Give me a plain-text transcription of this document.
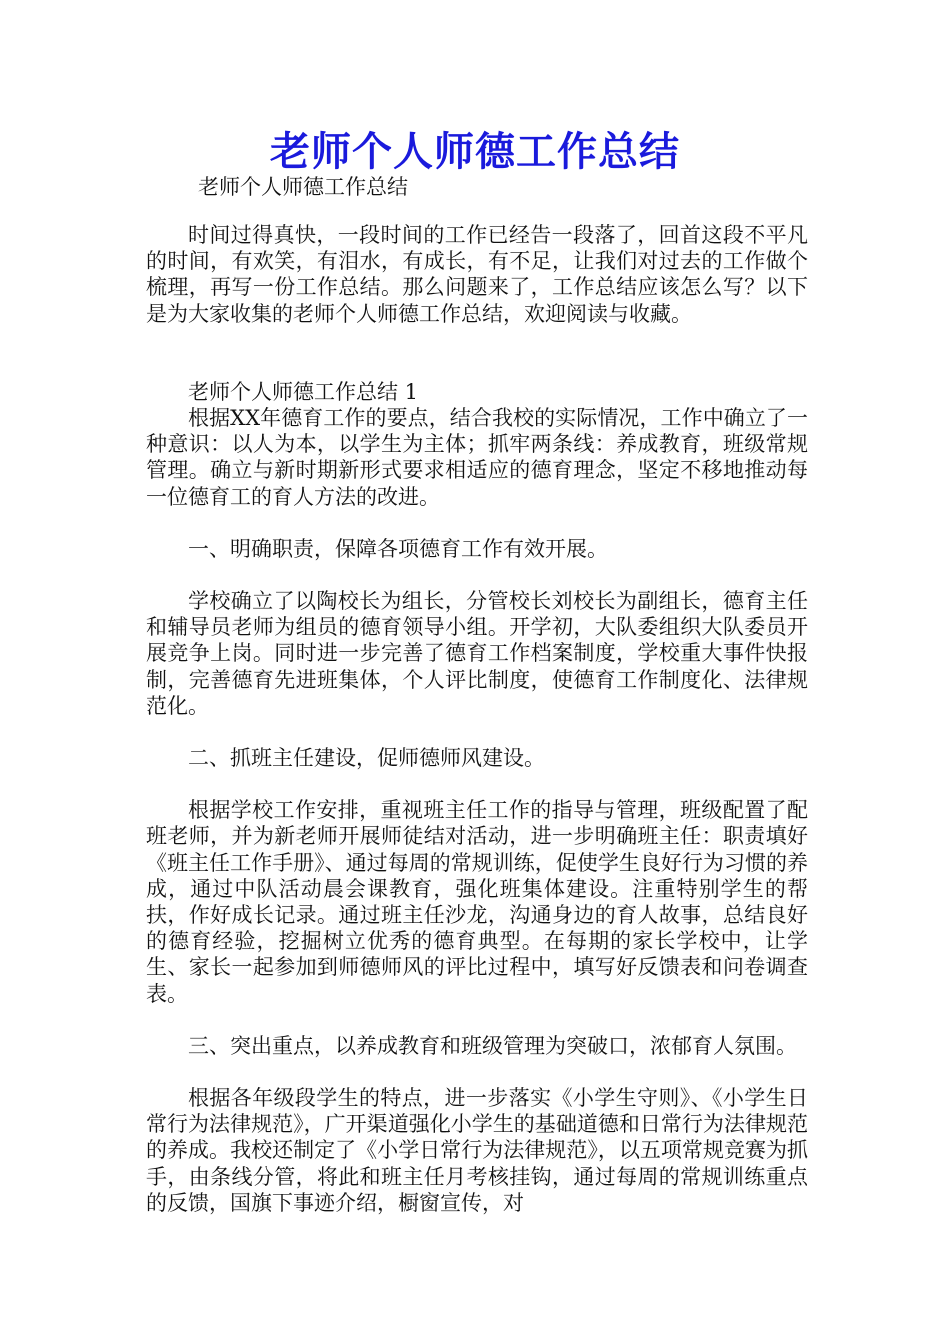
老师个人师德工作总结

老师个人师德工作总结

时间过得真快，一段时间的工作已经告一段落了，回首这段不平凡的时间，有欢笑，有泪水，有成长，有不足，让我们对过去的工作做个梳理，再写一份工作总结。那么问题来了，工作总结应该怎么写？以下是为大家收集的老师个人师德工作总结，欢迎阅读与收藏。

老师个人师德工作总结 1

根据XX年德育工作的要点，结合我校的实际情况，工作中确立了一种意识：以人为本，以学生为主体；抓牢两条线：养成教育，班级常规管理。确立与新时期新形式要求相适应的德育理念，坚定不移地推动每一位德育工的育人方法的改进。

一、明确职责，保障各项德育工作有效开展。

学校确立了以陶校长为组长，分管校长刘校长为副组长，德育主任和辅导员老师为组员的德育领导小组。开学初，大队委组织大队委员开展竞争上岗。同时进一步完善了德育工作档案制度，学校重大事件快报制，完善德育先进班集体，个人评比制度，使德育工作制度化、法律规范化。

二、抓班主任建设，促师德师风建设。

根据学校工作安排，重视班主任工作的指导与管理，班级配置了配班老师，并为新老师开展师徒结对活动，进一步明确班主任：职责填好《班主任工作手册》、通过每周的常规训练，促使学生良好行为习惯的养成，通过中队活动晨会课教育，强化班集体建设。注重特别学生的帮扶，作好成长记录。通过班主任沙龙，沟通身边的育人故事，总结良好的德育经验，挖掘树立优秀的德育典型。在每期的家长学校中，让学生、家长一起参加到师德师风的评比过程中，填写好反馈表和问卷调查表。

三、突出重点，以养成教育和班级管理为突破口，浓郁育人氛围。

根据各年级段学生的特点，进一步落实《小学生守则》、《小学生日常行为法律规范》，广开渠道强化小学生的基础道德和日常行为法律规范的养成。我校还制定了《小学日常行为法律规范》，以五项常规竞赛为抓手，由条线分管，将此和班主任月考核挂钩，通过每周的常规训练重点的反馈，国旗下事迹介绍，橱窗宣传，对
